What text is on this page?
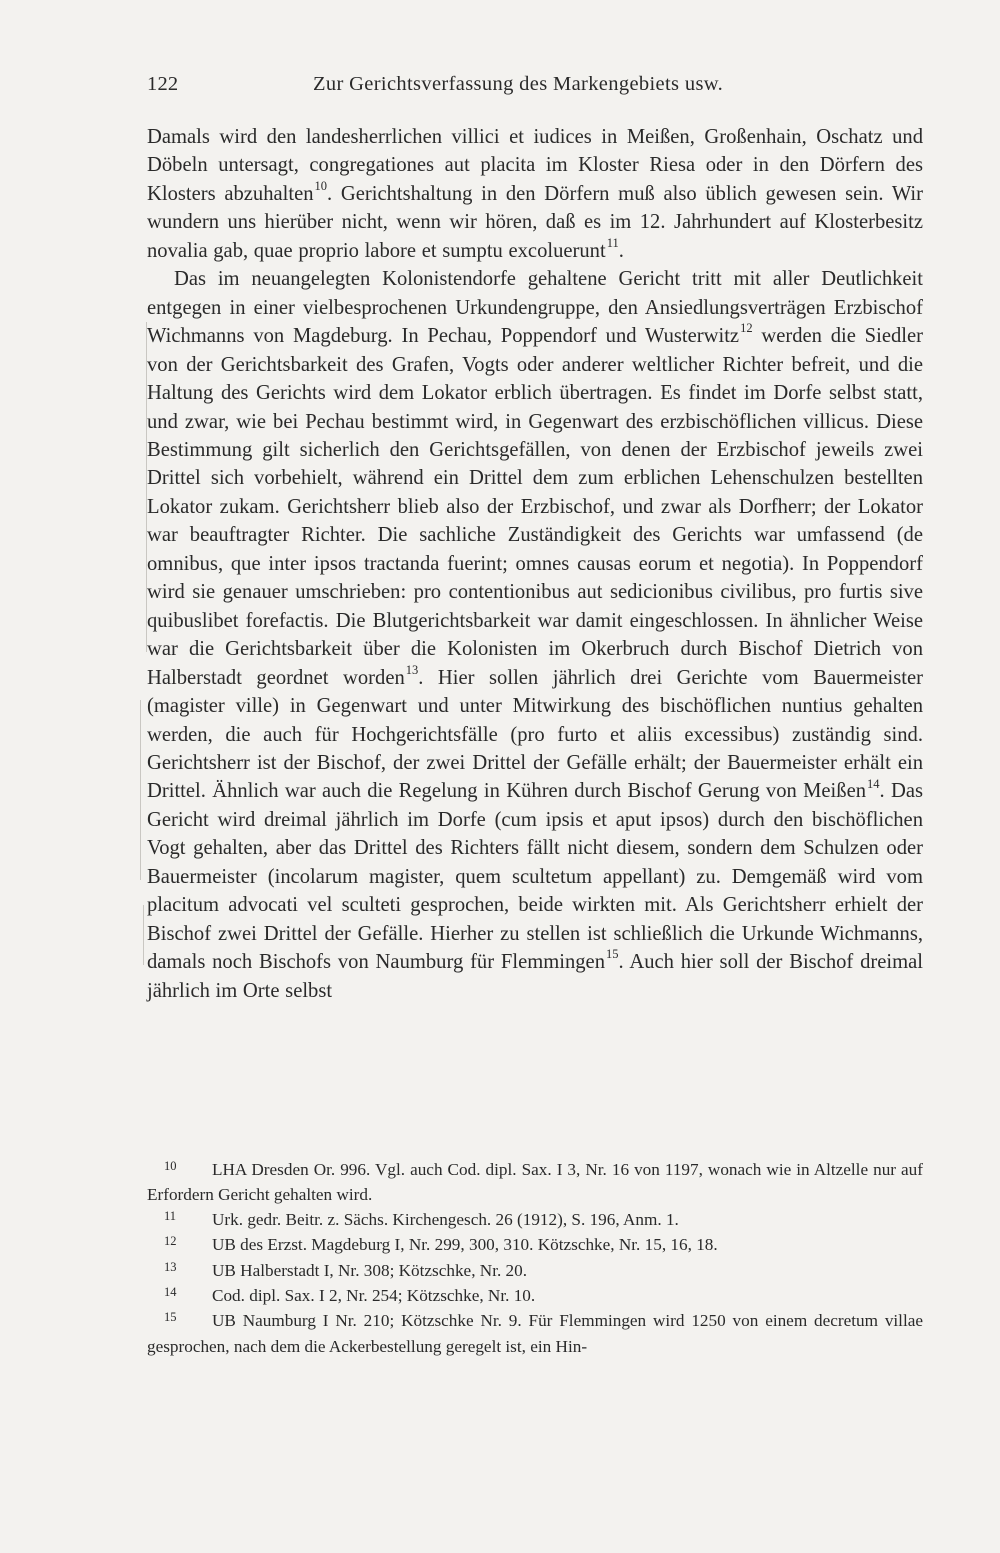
122	Zur Gerichtsverfassung des Markengebiets usw.

Damals wird den landesherrlichen villici et iudices in Meißen, Großenhain, Oschatz und Döbeln untersagt, congregationes aut placita im Kloster Riesa oder in den Dörfern des Klosters abzuhalten$^{10}$. Gerichtshaltung in den Dörfern muß also üblich gewesen sein. Wir wundern uns hierüber nicht, wenn wir hören, daß es im 12. Jahrhundert auf Klosterbesitz novalia gab, quae proprio labore et sumptu excoluerunt$^{11}$.

Das im neuangelegten Kolonistendorfe gehaltene Gericht tritt mit aller Deutlichkeit entgegen in einer vielbesprochenen Urkundengruppe, den Ansiedlungsverträgen Erzbischof Wichmanns von Magdeburg. In Pechau, Poppendorf und Wusterwitz$^{12}$ werden die Siedler von der Gerichtsbarkeit des Grafen, Vogts oder anderer weltlicher Richter befreit, und die Haltung des Gerichts wird dem Lokator erblich übertragen. Es findet im Dorfe selbst statt, und zwar, wie bei Pechau bestimmt wird, in Gegenwart des erzbischöflichen villicus. Diese Bestimmung gilt sicherlich den Gerichtsgefällen, von denen der Erzbischof jeweils zwei Drittel sich vorbehielt, während ein Drittel dem zum erblichen Lehenschulzen bestellten Lokator zukam. Gerichtsherr blieb also der Erzbischof, und zwar als Dorfherr; der Lokator war beauftragter Richter. Die sachliche Zuständigkeit des Gerichts war umfassend (de omnibus, que inter ipsos tractanda fuerint; omnes causas eorum et negotia). In Poppendorf wird sie genauer umschrieben: pro contentionibus aut sedicionibus civilibus, pro furtis sive quibuslibet forefactis. Die Blutgerichtsbarkeit war damit eingeschlossen. In ähnlicher Weise war die Gerichtsbarkeit über die Kolonisten im Okerbruch durch Bischof Dietrich von Halberstadt geordnet worden$^{13}$. Hier sollen jährlich drei Gerichte vom Bauermeister (magister ville) in Gegenwart und unter Mitwirkung des bischöflichen nuntius gehalten werden, die auch für Hochgerichtsfälle (pro furto et aliis excessibus) zuständig sind. Gerichtsherr ist der Bischof, der zwei Drittel der Gefälle erhält; der Bauermeister erhält ein Drittel. Ähnlich war auch die Regelung in Kühren durch Bischof Gerung von Meißen$^{14}$. Das Gericht wird dreimal jährlich im Dorfe (cum ipsis et aput ipsos) durch den bischöflichen Vogt gehalten, aber das Drittel des Richters fällt nicht diesem, sondern dem Schulzen oder Bauermeister (incolarum magister, quem scultetum appellant) zu. Demgemäß wird vom placitum advocati vel sculteti gesprochen, beide wirkten mit. Als Gerichtsherr erhielt der Bischof zwei Drittel der Gefälle. Hierher zu stellen ist schließlich die Urkunde Wichmanns, damals noch Bischofs von Naumburg für Flemmingen$^{15}$. Auch hier soll der Bischof dreimal jährlich im Orte selbst

10 LHA Dresden Or. 996. Vgl. auch Cod. dipl. Sax. I 3, Nr. 16 von 1197, wonach wie in Altzelle nur auf Erfordern Gericht gehalten wird.

11 Urk. gedr. Beitr. z. Sächs. Kirchengesch. 26 (1912), S. 196, Anm. 1.

12 UB des Erzst. Magdeburg I, Nr. 299, 300, 310. Kötzschke, Nr. 15, 16, 18.

13 UB Halberstadt I, Nr. 308; Kötzschke, Nr. 20.

14 Cod. dipl. Sax. I 2, Nr. 254; Kötzschke, Nr. 10.

15 UB Naumburg I Nr. 210; Kötzschke Nr. 9. Für Flemmingen wird 1250 von einem decretum villae gesprochen, nach dem die Ackerbestellung geregelt ist, ein Hin-
